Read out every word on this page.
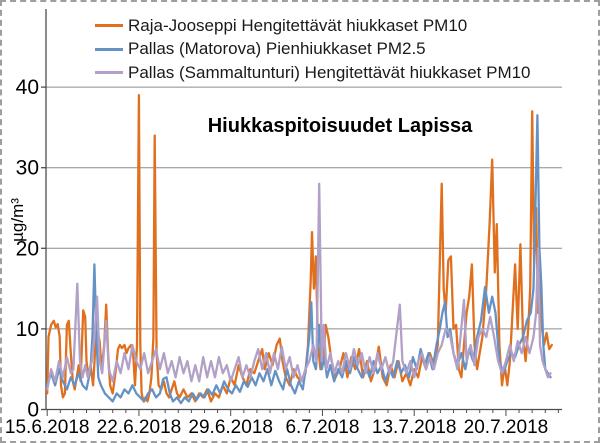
0
10
20
30
40
15.6.2018 22.6.2018 29.6.2018 6.7.2018 13.7.2018 20.7.2018
Raja-Jooseppi Hengitettävät hiukkaset PM10
Pallas (Matorova) Pienhiukkaset PM2.5
Pallas (Sammaltunturi) Hengitettävät hiukkaset PM10
Hiukkaspitoisuudet Lapissa
µg/m³
